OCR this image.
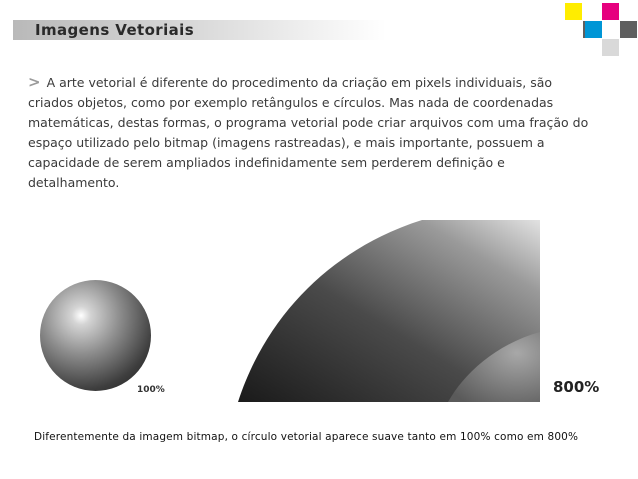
Imagens Vetoriais
> A arte vetorial é diferente do procedimento da criação em pixels individuais, são criados objetos, como por exemplo retângulos e círculos. Mas nada de coordenadas matemáticas, destas formas, o programa vetorial pode criar arquivos com uma fração do espaço utilizado pelo bitmap (imagens rastreadas), e mais importante, possuem a capacidade de serem ampliados indefinidamente sem perderem definição e detalhamento.
100%	800%
Diferentemente da imagem bitmap, o círculo vetorial aparece suave tanto em 100% como em 800%
